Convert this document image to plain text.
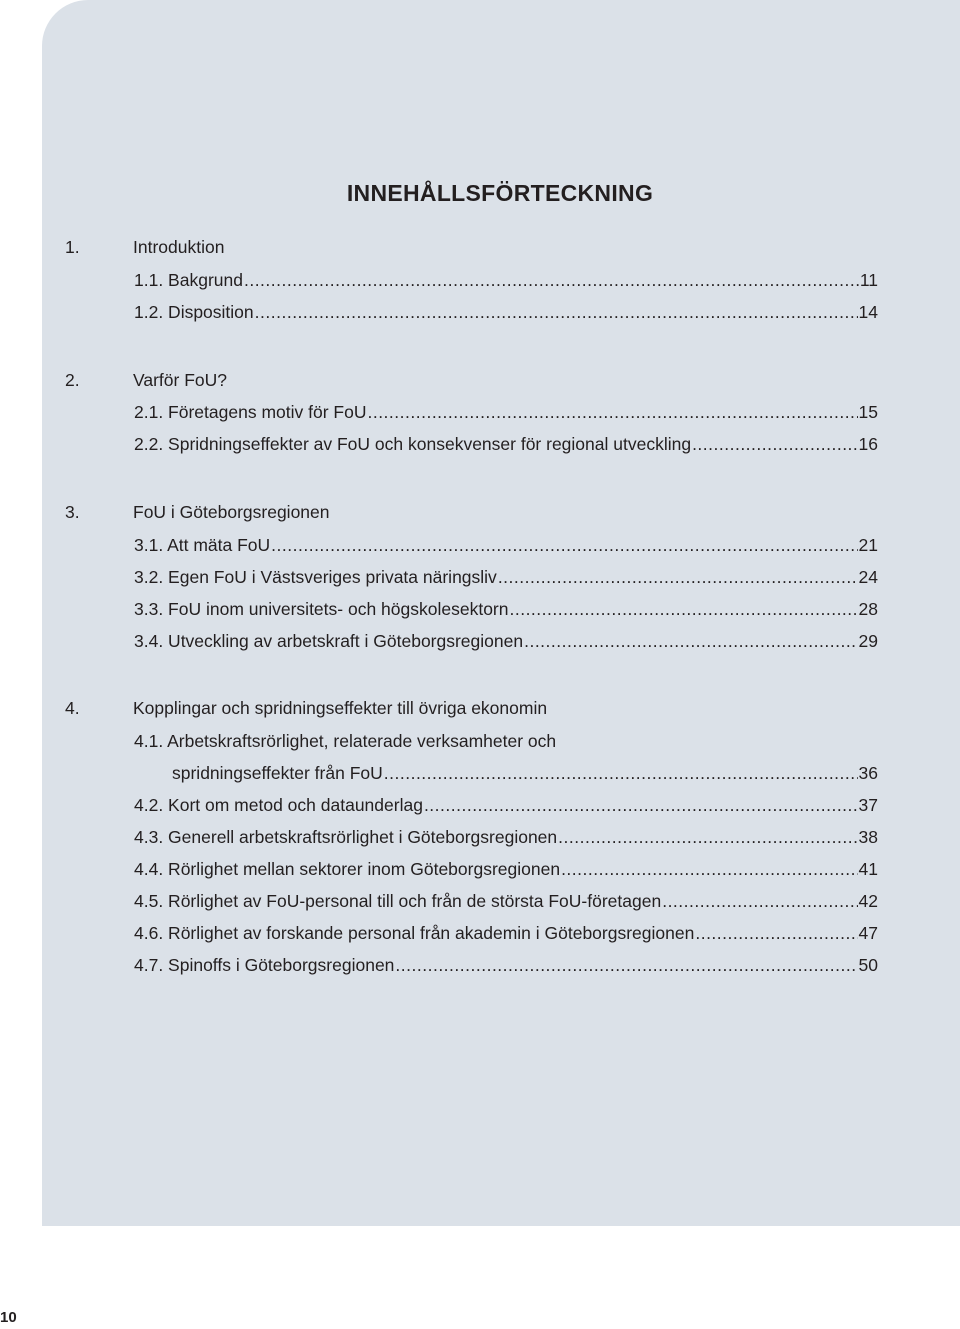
INNEHÅLLSFÖRTECKNING
1.	Introduktion
1.1. Bakgrund .....	11
1.2. Disposition .....	14
2.	Varför FoU?
2.1. Företagens motiv för FoU .....	15
2.2. Spridningseffekter av FoU och konsekvenser för regional utveckling .....	16
3.	FoU i Göteborgsregionen
3.1. Att mäta FoU .....	21
3.2. Egen FoU i Västsveriges privata näringsliv .....	24
3.3. FoU inom universitets- och högskolesektorn .....	28
3.4. Utveckling av arbetskraft i Göteborgsregionen .....	29
4.	Kopplingar och spridningseffekter till övriga ekonomin
4.1. Arbetskraftsrörlighet, relaterade verksamheter och
spridningseffekter från FoU .....	36
4.2. Kort om metod och dataunderlag .....	37
4.3. Generell arbetskraftsrörlighet i Göteborgsregionen .....	38
4.4. Rörlighet mellan sektorer inom Göteborgsregionen .....	41
4.5. Rörlighet av FoU-personal till och från de största FoU-företagen .....	42
4.6. Rörlighet av forskande personal från akademin i Göteborgsregionen .....	47
4.7. Spinoffs i Göteborgsregionen .....	50
10
